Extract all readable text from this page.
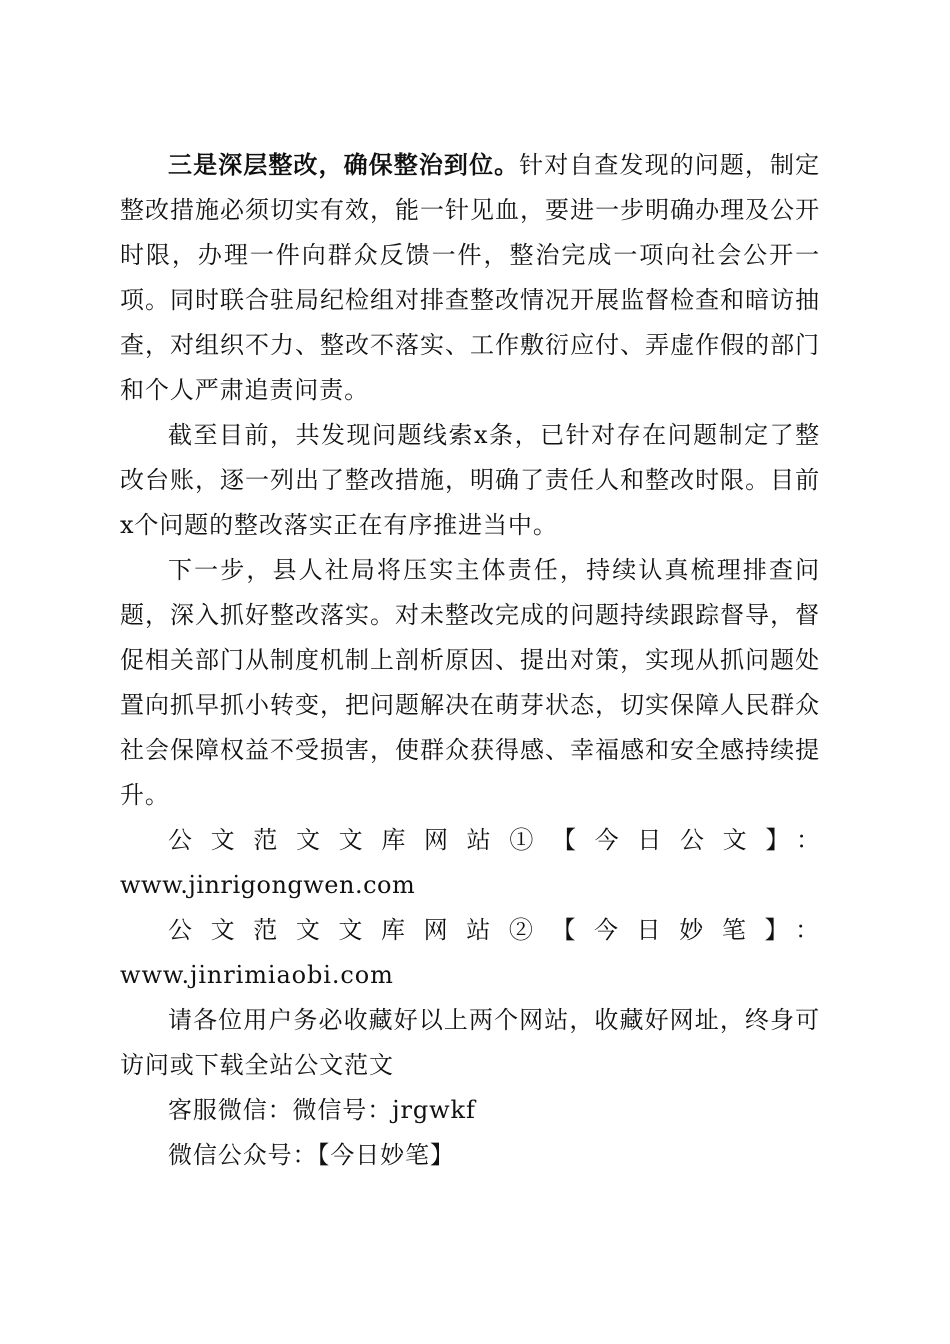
三是深层整改，确保整治到位。针对自查发现的问题，制定整改措施必须切实有效，能一针见血，要进一步明确办理及公开时限，办理一件向群众反馈一件，整治完成一项向社会公开一项。同时联合驻局纪检组对排查整改情况开展监督检查和暗访抽查，对组织不力、整改不落实、工作敷衍应付、弄虚作假的部门和个人严肃追责问责。

截至目前，共发现问题线索x条，已针对存在问题制定了整改台账，逐一列出了整改措施，明确了责任人和整改时限。目前x个问题的整改落实正在有序推进当中。

下一步，县人社局将压实主体责任，持续认真梳理排查问题，深入抓好整改落实。对未整改完成的问题持续跟踪督导，督促相关部门从制度机制上剖析原因、提出对策，实现从抓问题处置向抓早抓小转变，把问题解决在萌芽状态，切实保障人民群众社会保障权益不受损害，使群众获得感、幸福感和安全感持续提升。

公文范文文库网站①【今日公文】：

www.jinrigongwen.com

公文范文文库网站②【今日妙笔】：www.jinrimiaobi.com

请各位用户务必收藏好以上两个网站，收藏好网址，终身可访问或下载全站公文范文

客服微信：微信号：jrgwkf

微信公众号：【今日妙笔】
